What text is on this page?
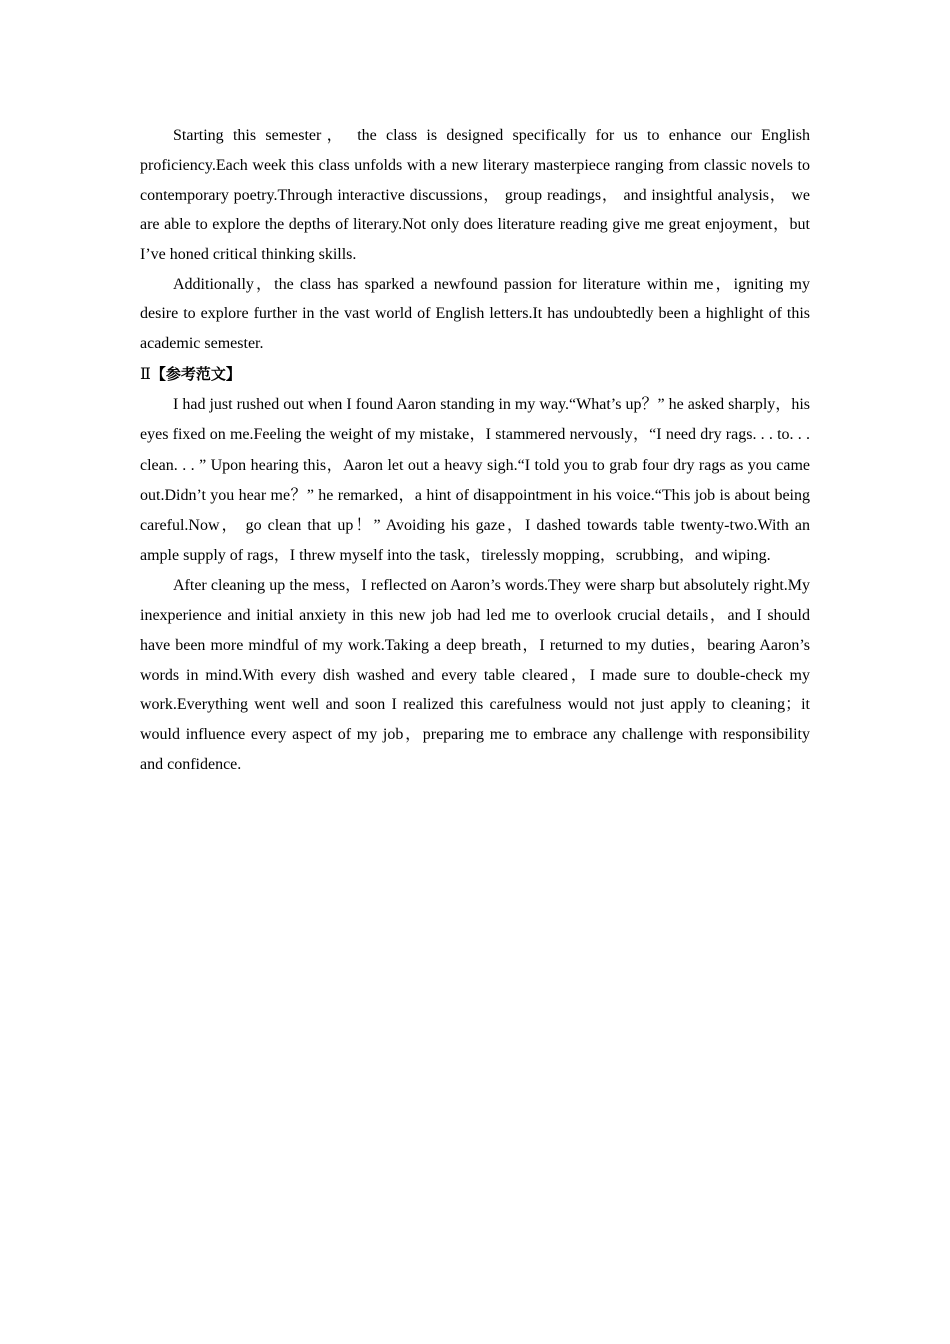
Starting this semester， the class is designed specifically for us to enhance our English proficiency.Each week this class unfolds with a new literary masterpiece ranging from classic novels to contemporary poetry.Through interactive discussions， group readings， and insightful analysis， we are able to explore the depths of literary.Not only does literature reading give me great enjoyment，but I’ve honed critical thinking skills.

Additionally，the class has sparked a newfound passion for literature within me，igniting my desire to explore further in the vast world of English letters.It has undoubtedly been a highlight of this academic semester.

Ⅱ【参考范文】

I had just rushed out when I found Aaron standing in my way.“What’s up？” he asked sharply，his eyes fixed on me.Feeling the weight of my mistake，I stammered nervously，“I need dry rags. . . to. . . clean. . . ” Upon hearing this，Aaron let out a heavy sigh.“I told you to grab four dry rags as you came out.Didn’t you hear me？” he remarked，a hint of disappointment in his voice.“This job is about being careful.Now， go clean that up！” Avoiding his gaze，I dashed towards table twenty-two.With an ample supply of rags，I threw myself into the task，tirelessly mopping，scrubbing，and wiping.

After cleaning up the mess，I reflected on Aaron’s words.They were sharp but absolutely right.My inexperience and initial anxiety in this new job had led me to overlook crucial details，and I should have been more mindful of my work.Taking a deep breath，I returned to my duties，bearing Aaron’s words in mind.With every dish washed and every table cleared，I made sure to double-check my work.Everything went well and soon I realized this carefulness would not just apply to cleaning；it would influence every aspect of my job，preparing me to embrace any challenge with responsibility and confidence.
